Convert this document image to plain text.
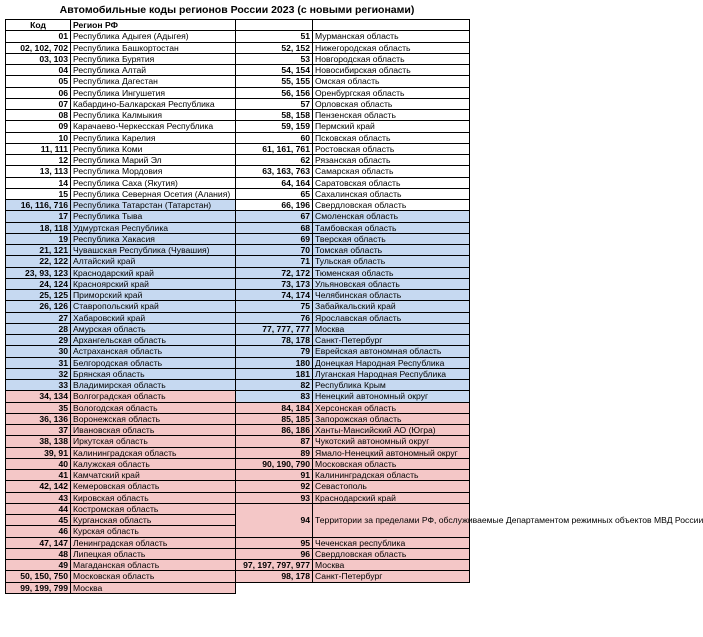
Автомобильные коды регионов России 2023 (с новыми регионами)
Код	Регион РФ		
01	Республика Адыгея (Адыгея)	51	Мурманская область
02, 102, 702	Республика Башкортостан	52, 152	Нижегородская область
03, 103	Республика Бурятия	53	Новгородская область
04	Республика Алтай	54, 154	Новосибирская область
05	Республика Дагестан	55, 155	Омская область
06	Республика Ингушетия	56, 156	Оренбургская область
07	Кабардино-Балкарская Республика	57	Орловская область
08	Республика Калмыкия	58, 158	Пензенская область
09	Карачаево-Черкесская Республика	59, 159	Пермский край
10	Республика Карелия	60	Псковская область
11, 111	Республика Коми	61, 161, 761	Ростовская область
12	Республика Марий Эл	62	Рязанская область
13, 113	Республика Мордовия	63, 163, 763	Самарская область
14	Республика Саха (Якутия)	64, 164	Саратовская область
15	Республика Северная Осетия (Алания)	65	Сахалинская область
16, 116, 716	Республика Татарстан (Татарстан)	66, 196	Свердловская область
17	Республика Тыва	67	Смоленская область
18, 118	Удмуртская Республика	68	Тамбовская область
19	Республика Хакасия	69	Тверская область
21, 121	Чувашская Республика (Чувашия)	70	Томская область
22, 122	Алтайский край	71	Тульская область
23, 93, 123	Краснодарский край	72, 172	Тюменская область
24, 124	Красноярский край	73, 173	Ульяновская область
25, 125	Приморский край	74, 174	Челябинская область
26, 126	Ставропольский край	75	Забайкальский край
27	Хабаровский край	76	Ярославская область
28	Амурская область	77, 777, 777	Москва
29	Архангельская область	78, 178	Санкт-Петербург
30	Астраханская область	79	Еврейская автономная область
31	Белгородская область	180	Донецкая Народная Республика
32	Брянская область	181	Луганская Народная Республика
33	Владимирская область	82	Республика Крым
34, 134	Волгоградская область	83	Ненецкий автономный округ
35	Вологодская область	84, 184	Херсонская область
36, 136	Воронежская область	85, 185	Запорожская область
37	Ивановская область	86, 186	Ханты-Мансийский АО (Югра)
38, 138	Иркутская область	87	Чукотский автономный округ
39, 91	Калининградская область	89	Ямало-Ненецкий автономный округ
40	Калужская область	90, 190, 790	Московская область
41	Камчатский край	91	Калининградская область
42, 142	Кемеровская область	92	Севастополь
43	Кировская область	93	Краснодарский край
44	Костромская область	94	Территории за пределами РФ, обслуживаемые Департаментом режимных объектов МВД России
45	Курганская область		
46	Курская область		
47, 147	Ленинградская область	95	Чеченская республика
48	Липецкая область	96	Свердловская область
49	Магаданская область	97, 197, 797, 977	Москва
50, 150, 750	Московская область	98, 178	Санкт-Петербург
99, 199, 799	Москва		
